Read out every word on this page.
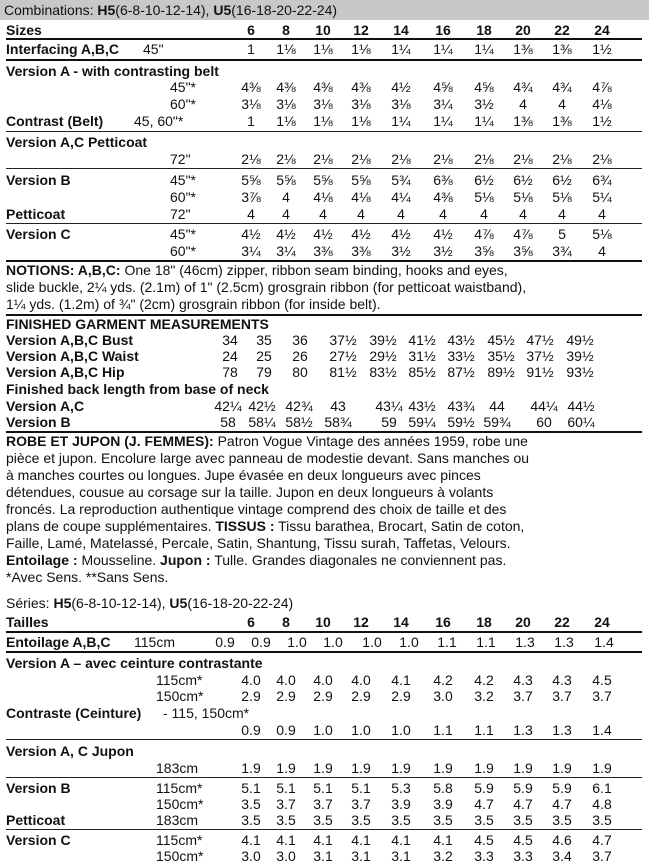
Combinations: H5(6-8-10-12-14), U5(16-18-20-22-24)
Sizes	6	8	10	12	14	16	18	20	22	24
Interfacing A,B,C 45"	1	1⅛	1⅛	1⅛	1¼	1¼	1¼	1⅜	1⅜	1½
Version A - with contrasting belt
45"*	4⅜	4⅜	4⅜	4⅜	4½	4⅝	4⅝	4¾	4¾	4⅞
60"*	3⅛	3⅛	3⅛	3⅛	3⅛	3¼	3½	4	4	4⅛
Contrast (Belt) 45, 60"*	1	1⅛	1⅛	1⅛	1¼	1¼	1¼	1⅜	1⅜	1½
Version A,C Petticoat
72"	2⅛	2⅛	2⅛	2⅛	2⅛	2⅛	2⅛	2⅛	2⅛	2⅛
Version B	45"*	5⅝	5⅝	5⅝	5⅝	5¾	6⅜	6½	6½	6½	6¾
60"*	3⅞	4	4⅛	4⅛	4¼	4⅜	5⅛	5⅛	5⅛	5¼
Petticoat	72"	4	4	4	4	4	4	4	4	4	4
Version C	45"*	4½	4½	4½	4½	4½	4½	4⅞	4⅞	5	5⅛
60"*	3¼	3¼	3⅜	3⅜	3½	3½	3⅝	3⅝	3¾	4
NOTIONS: A,B,C: One 18" (46cm) zipper, ribbon seam binding, hooks and eyes,
slide buckle, 2¼ yds. (2.1m) of 1" (2.5cm) grosgrain ribbon (for petticoat waistband),
1¼ yds. (1.2m) of ¾" (2cm) grosgrain ribbon (for inside belt).
FINISHED GARMENT MEASUREMENTS
Version A,B,C Bust	34	35	36	37½ 39½ 41½ 43½ 45½ 47½ 49½
Version A,B,C Waist	24	25	26	27½ 29½ 31½ 33½ 35½ 37½ 39½
Version A,B,C Hip	78	79	80	81½ 83½ 85½ 87½ 89½ 91½ 93½
Finished back length from base of neck
Version A,C	42¼ 42½ 42¾	43	43¼ 43½ 43¾	44	44¼ 44½
Version B	58 58¼ 58½ 58¾	59 59¼ 59½ 59¾	60	60¼
ROBE ET JUPON (J. FEMMES): Patron Vogue Vintage des années 1959, robe une
pièce et jupon. Encolure large avec panneau de modestie devant. Sans manches ou
à manches courtes ou longues. Jupe évasée en deux longueurs avec pinces
détendues, cousue au corsage sur la taille. Jupon en deux longueurs à volants
froncés. La reproduction authentique vintage comprend des choix de taille et des
plans de coupe supplémentaires. TISSUS : Tissu barathea, Brocart, Satin de coton,
Faille, Lamé, Matelassé, Percale, Satin, Shantung, Tissu surah, Taffetas, Velours.
Entoilage : Mousseline. Jupon : Tulle. Grandes diagonales ne conviennent pas.
*Avec Sens. **Sans Sens.
Séries: H5(6-8-10-12-14), U5(16-18-20-22-24)
Tailles	6	8	10	12	14	16	18	20	22	24
Entoilage A,B,C 115cm	0.9	0.9	1.0	1.0	1.0	1.0	1.1	1.1	1.3	1.3	1.4
Version A – avec ceinture contrastante
115cm*	4.0	4.0	4.0	4.0	4.1	4.2	4.2	4.3	4.3	4.5
150cm*	2.9	2.9	2.9	2.9	2.9	3.0	3.2	3.7	3.7	3.7
Contraste (Ceinture) - 115, 150cm*
0.9	0.9	1.0	1.0	1.0	1.1	1.1	1.3	1.3	1.4
Version A, C Jupon
183cm	1.9	1.9	1.9	1.9	1.9	1.9	1.9	1.9	1.9	1.9
Version B	115cm*	5.1	5.1	5.1	5.1	5.3	5.8	5.9	5.9	5.9	6.1
150cm*	3.5	3.7	3.7	3.7	3.9	3.9	4.7	4.7	4.7	4.8
Petticoat	183cm	3.5	3.5	3.5	3.5	3.5	3.5	3.5	3.5	3.5	3.5
Version C	115cm*	4.1	4.1	4.1	4.1	4.1	4.1	4.5	4.5	4.6	4.7
150cm*	3.0	3.0	3.1	3.1	3.1	3.2	3.3	3.3	3.4	3.7
